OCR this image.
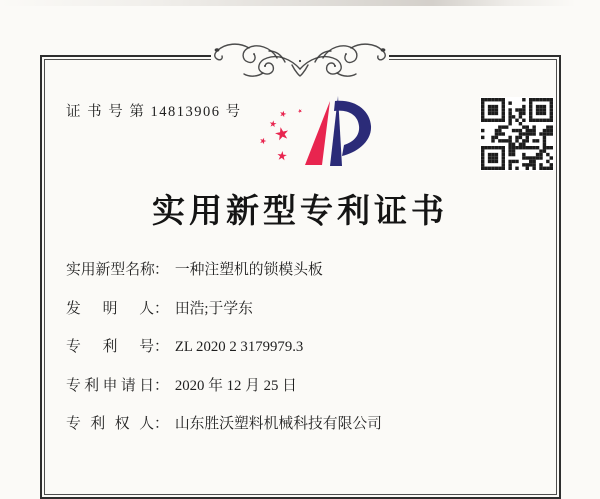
证 书 号 第 14813906 号
实用新型专利证书
实用新型名称： 一种注塑机的锁模头板
发明人： 田浩;于学东
专利号： ZL 2020 2 3179979.3
专利申请日： 2020 年 12 月 25 日
专利权人： 山东胜沃塑料机械科技有限公司
